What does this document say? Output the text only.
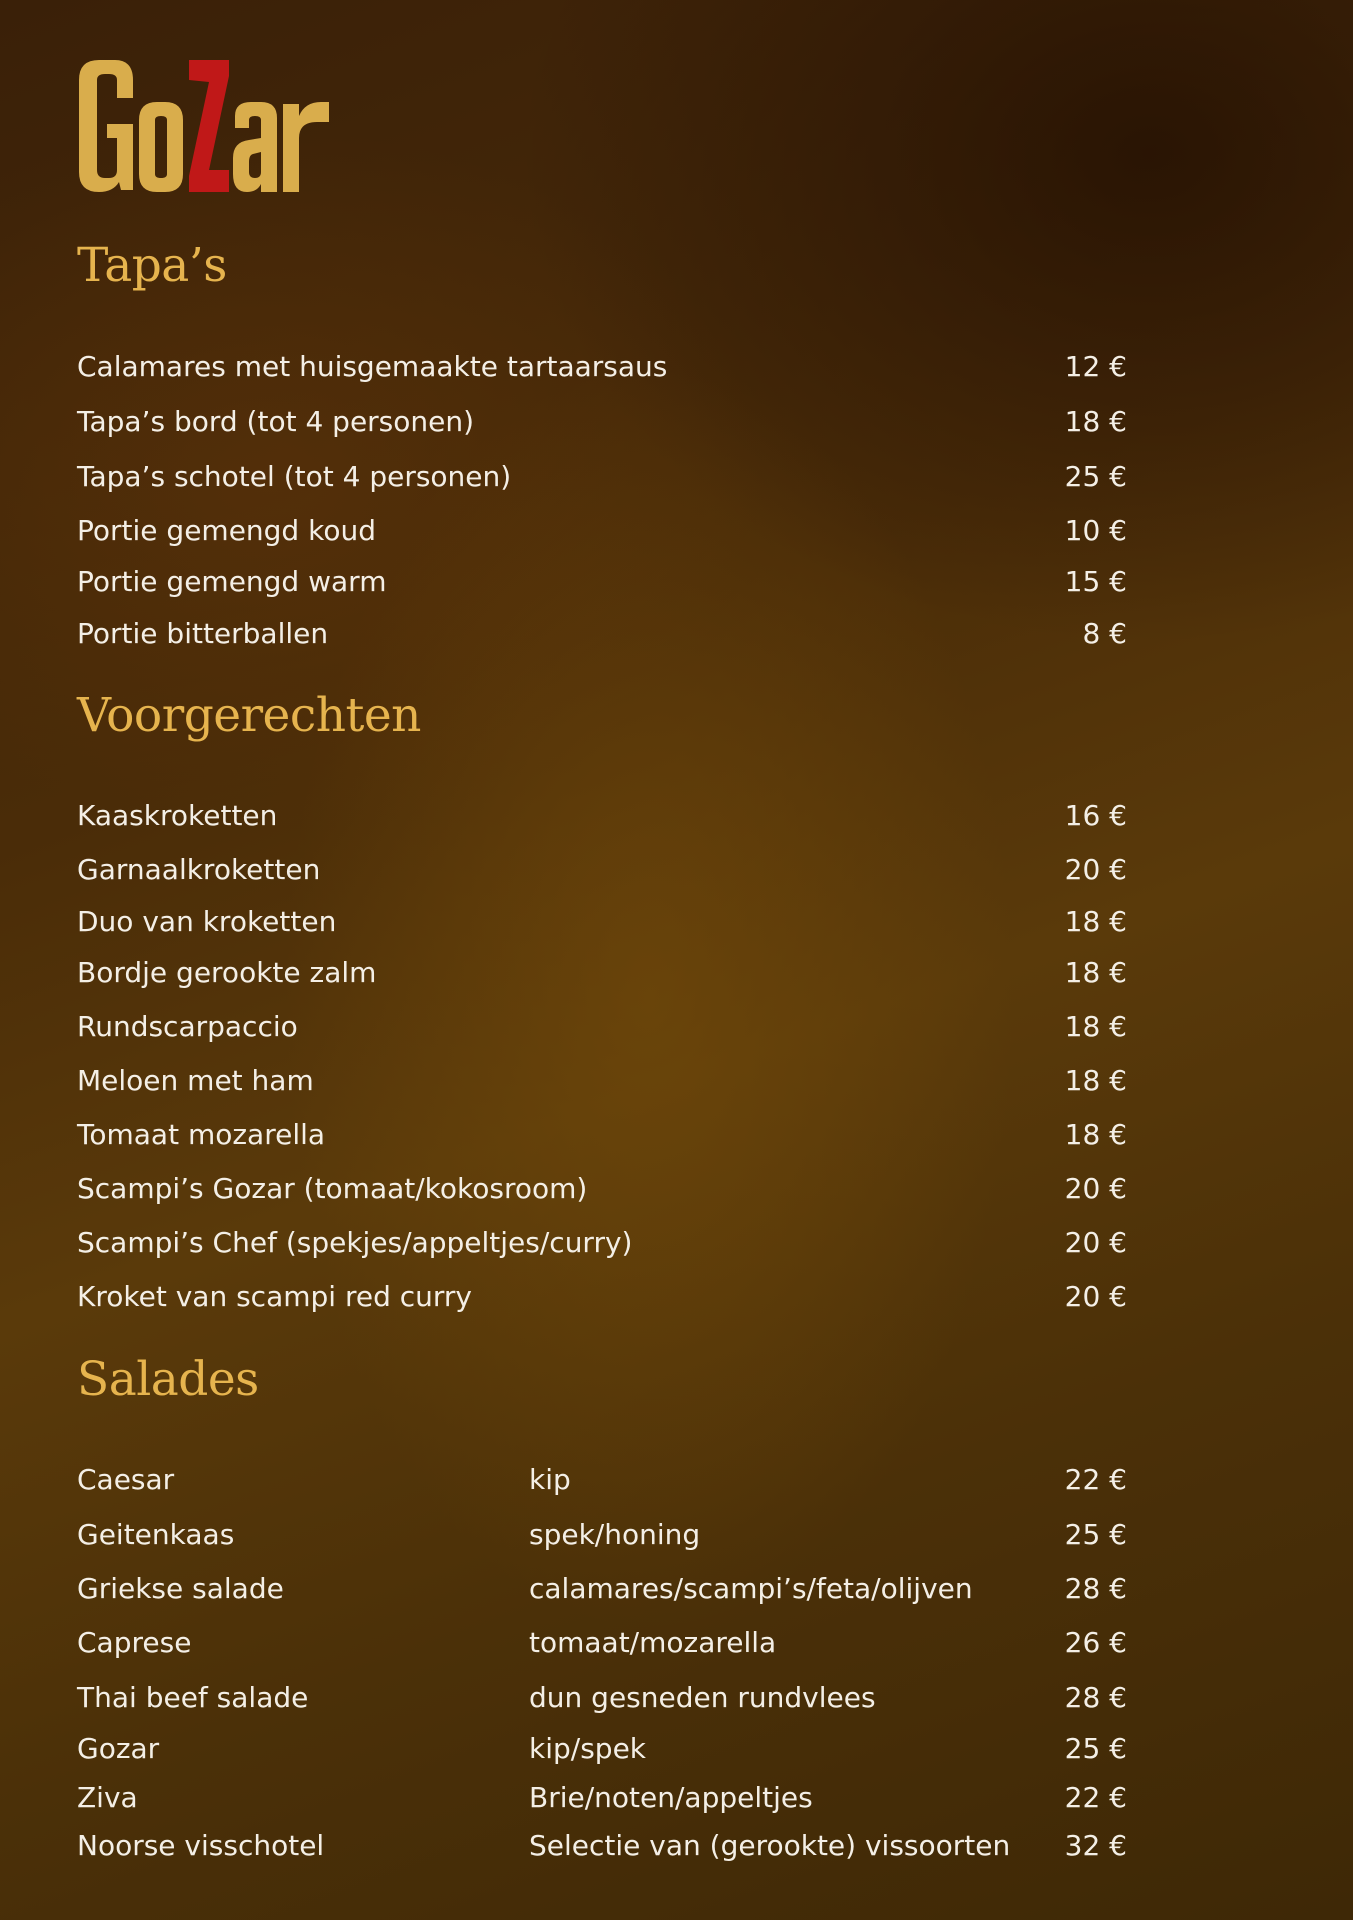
Tapa’s
Calamares met huisgemaakte tartaarsaus	12 €
Tapa’s bord (tot 4 personen)	18 €
Tapa’s schotel (tot 4 personen)	25 €
Portie gemengd koud	10 €
Portie gemengd warm	15 €
Portie bitterballen	8 €
Voorgerechten
Kaaskroketten	16 €
Garnaalkroketten	20 €
Duo van kroketten	18 €
Bordje gerookte zalm	18 €
Rundscarpaccio	18 €
Meloen met ham	18 €
Tomaat mozarella	18 €
Scampi’s Gozar (tomaat/kokosroom)	20 €
Scampi’s Chef (spekjes/appeltjes/curry)	20 €
Kroket van scampi red curry	20 €
Salades
Caesar	kip	22 €
Geitenkaas	spek/honing	25 €
Griekse salade	calamares/scampi’s/feta/olijven	28 €
Caprese	tomaat/mozarella	26 €
Thai beef salade	dun gesneden rundvlees	28 €
Gozar	kip/spek	25 €
Ziva	Brie/noten/appeltjes	22 €
Noorse visschotel	Selectie van (gerookte) vissoorten 32 €
